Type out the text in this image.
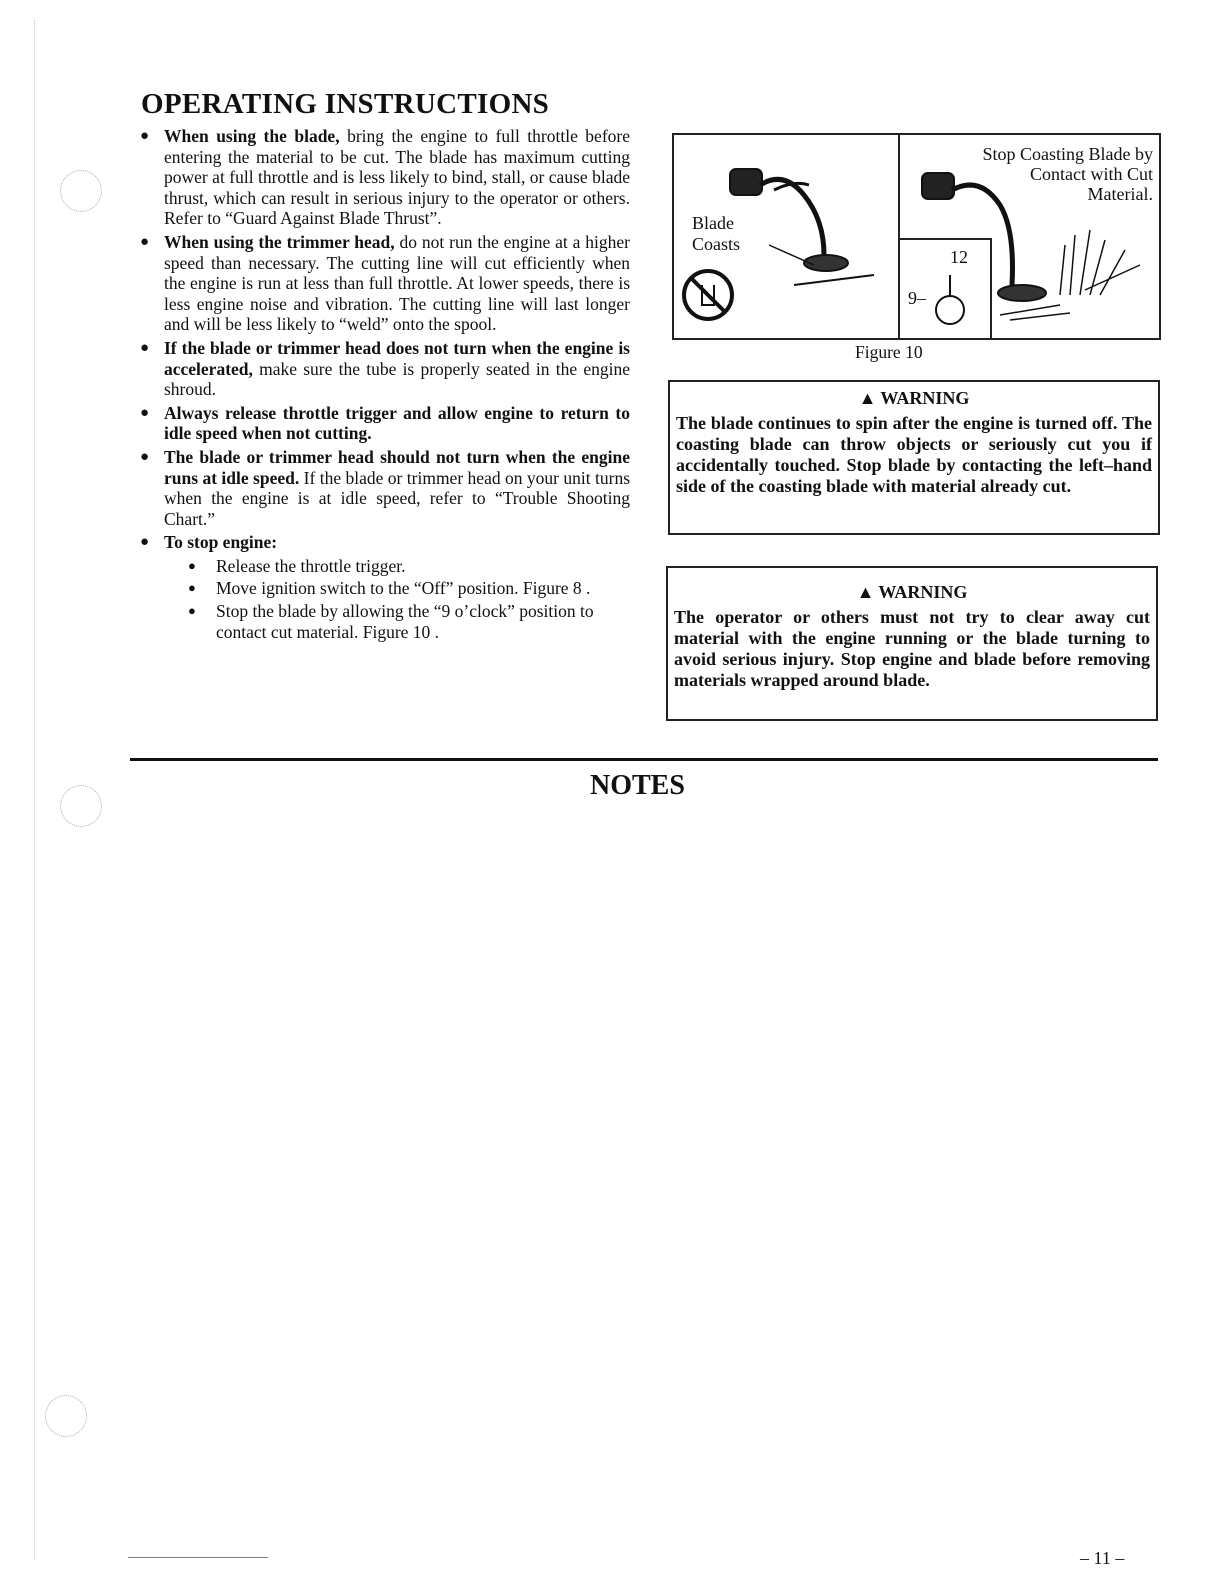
OPERATING INSTRUCTIONS
● When using the blade, bring the engine to full throttle before entering the material to be cut. The blade has maximum cutting power at full throttle and is less likely to bind, stall, or cause blade thrust, which can result in serious injury to the operator or others. Refer to “Guard Against Blade Thrust”.
● When using the trimmer head, do not run the engine at a higher speed than necessary. The cutting line will cut efficiently when the engine is run at less than full throttle. At lower speeds, there is less engine noise and vibration. The cutting line will last longer and will be less likely to “weld” onto the spool.
● If the blade or trimmer head does not turn when the engine is accelerated, make sure the tube is properly seated in the engine shroud.
● Always release throttle trigger and allow engine to return to idle speed when not cutting.
● The blade or trimmer head should not turn when the engine runs at idle speed. If the blade or trimmer head on your unit turns when the engine is at idle speed, refer to “Trouble Shooting Chart.”
● To stop engine:
● Release the throttle trigger.
● Move ignition switch to the “Off” position. Figure 8 .
● Stop the blade by allowing the “9 o’clock” position to contact cut material. Figure 10 .
Blade
Coasts
Stop Coasting Blade by Contact with Cut Material.
12
9–
Figure 10
▲ WARNING
The blade continues to spin after the engine is turned off. The coasting blade can throw objects or seriously cut you if accidentally touched. Stop blade by contacting the left–hand side of the coasting blade with material already cut.
▲ WARNING
The operator or others must not try to clear away cut material with the engine running or the blade turning to avoid serious injury. Stop engine and blade before removing materials wrapped around blade.
NOTES
– 11 –
